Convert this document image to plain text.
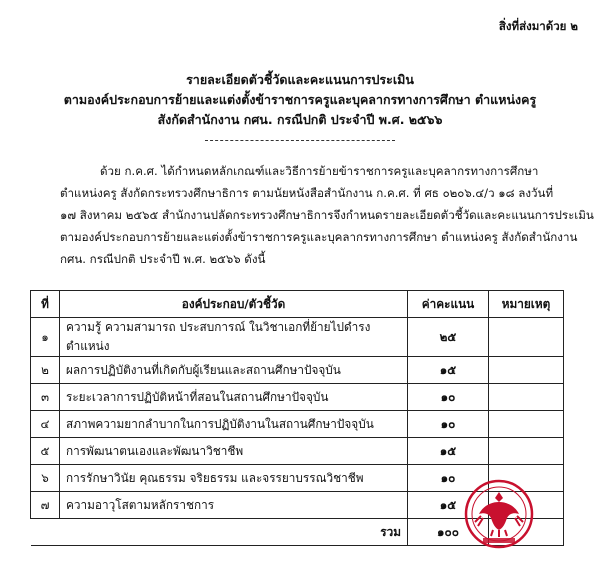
สิ่งที่ส่งมาด้วย ๒
รายละเอียดตัวชี้วัดและคะแนนการประเมิน
ตามองค์ประกอบการย้ายและแต่งตั้งข้าราชการครูและบุคลากรทางการศึกษา ตำแหน่งครู
สังกัดสำนักงาน กศน. กรณีปกติ ประจำปี พ.ศ. ๒๕๖๖
ด้วย ก.ค.ศ. ได้กำหนดหลักเกณฑ์และวิธีการย้ายข้าราชการครูและบุคลากรทางการศึกษา
ตำแหน่งครู สังกัดกระทรวงศึกษาธิการ ตามนัยหนังสือสำนักงาน ก.ค.ศ. ที่ ศธ ๐๒๐๖.๔/ว ๑๘ ลงวันที่
๑๗ สิงหาคม ๒๕๖๕ สำนักงานปลัดกระทรวงศึกษาธิการจึงกำหนดรายละเอียดตัวชี้วัดและคะแนนการประเมิน
ตามองค์ประกอบการย้ายและแต่งตั้งข้าราชการครูและบุคลากรทางการศึกษา ตำแหน่งครู สังกัดสำนักงาน
กศน. กรณีปกติ ประจำปี พ.ศ. ๒๕๖๖ ดังนี้
ที่	องค์ประกอบ/ตัวชี้วัด	ค่าคะแนน	หมายเหตุ
๑	ความรู้ ความสามารถ ประสบการณ์ ในวิชาเอกที่ย้ายไปดำรงตำแหน่ง	๒๕	
๒	ผลการปฏิบัติงานที่เกิดกับผู้เรียนและสถานศึกษาปัจจุบัน	๑๕	
๓	ระยะเวลาการปฏิบัติหน้าที่สอนในสถานศึกษาปัจจุบัน	๑๐	
๔	สภาพความยากลำบากในการปฏิบัติงานในสถานศึกษาปัจจุบัน	๑๐	
๕	การพัฒนาตนเองและพัฒนาวิชาชีพ	๑๕	
๖	การรักษาวินัย คุณธรรม จริยธรรม และจรรยาบรรณวิชาชีพ	๑๐	
๗	ความอาวุโสตามหลักราชการ	๑๕	
รวม		๑๐๐	
